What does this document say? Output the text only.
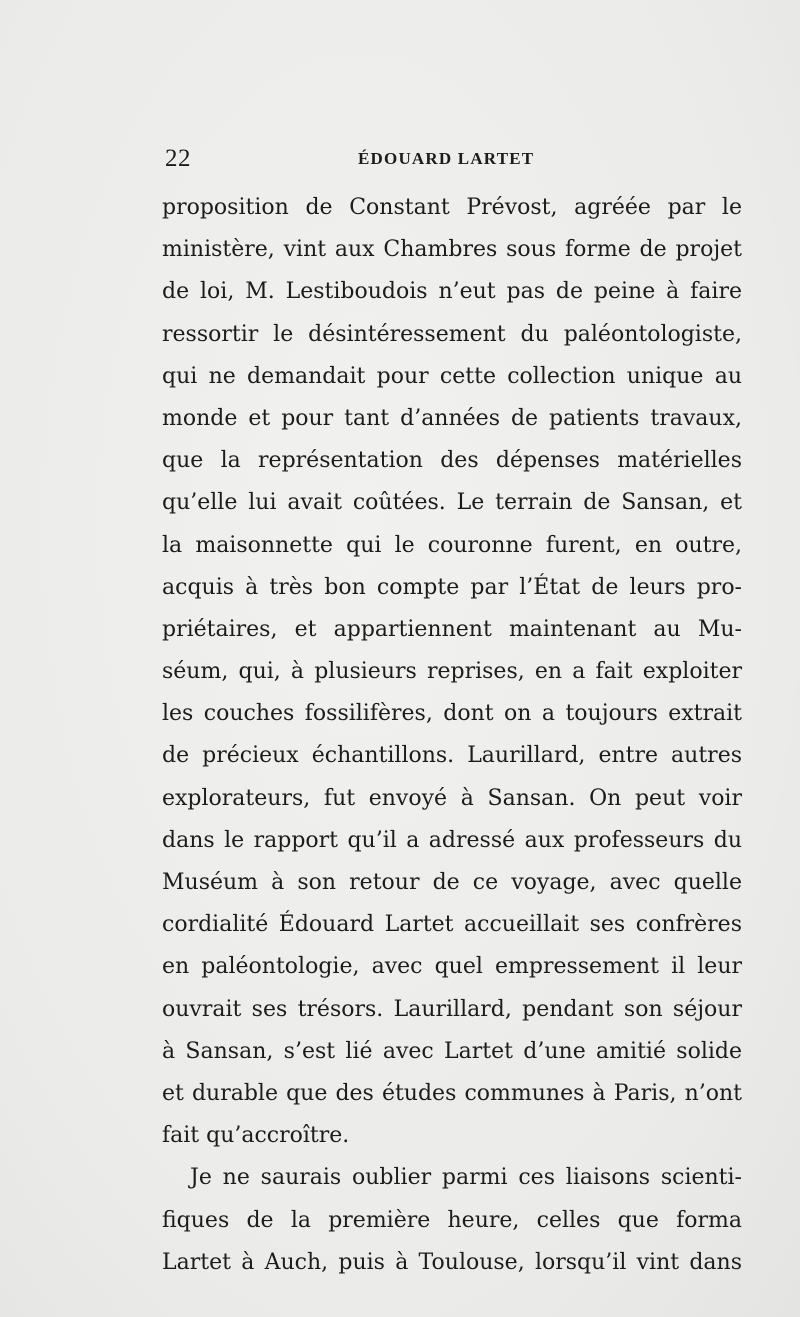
22	ÉDOUARD LARTET
proposition de Constant Prévost, agréée par le
ministère, vint aux Chambres sous forme de projet
de loi, M. Lestiboudois n’eut pas de peine à faire
ressortir le désintéressement du paléontologiste,
qui ne demandait pour cette collection unique au
monde et pour tant d’années de patients travaux,
que la représentation des dépenses matérielles
qu’elle lui avait coûtées. Le terrain de Sansan, et
la maisonnette qui le couronne furent, en outre,
acquis à très bon compte par l’État de leurs pro-
priétaires, et appartiennent maintenant au Mu-
séum, qui, à plusieurs reprises, en a fait exploiter
les couches fossilifères, dont on a toujours extrait
de précieux échantillons. Laurillard, entre autres
explorateurs, fut envoyé à Sansan. On peut voir
dans le rapport qu’il a adressé aux professeurs du
Muséum à son retour de ce voyage, avec quelle
cordialité Édouard Lartet accueillait ses confrères
en paléontologie, avec quel empressement il leur
ouvrait ses trésors. Laurillard, pendant son séjour
à Sansan, s’est lié avec Lartet d’une amitié solide
et durable que des études communes à Paris, n’ont
fait qu’accroître.
Je ne saurais oublier parmi ces liaisons scienti-
fiques de la première heure, celles que forma
Lartet à Auch, puis à Toulouse, lorsqu’il vint dans
